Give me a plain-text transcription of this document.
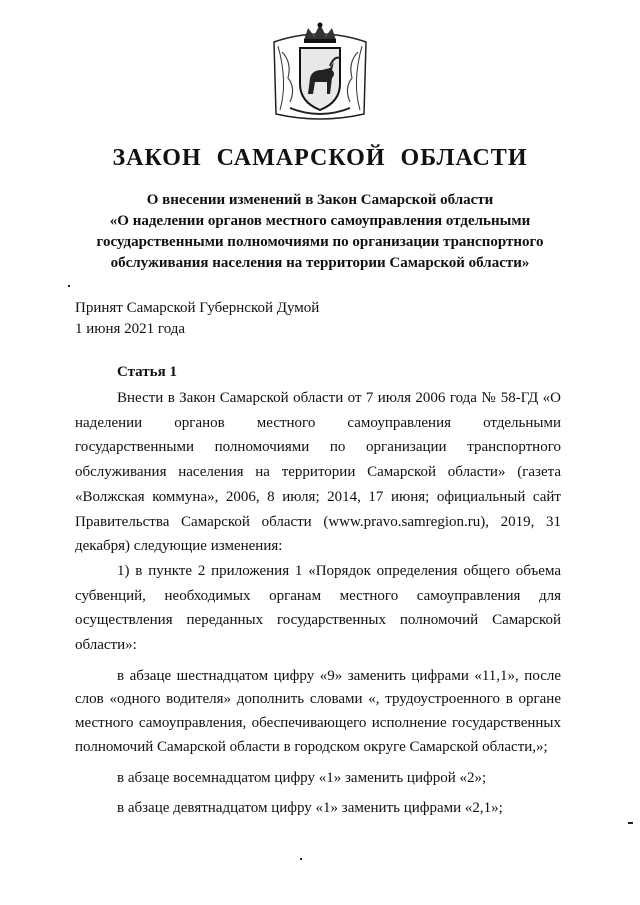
ЗАКОН САМАРСКОЙ ОБЛАСТИ
О внесении изменений в Закон Самарской области
«О наделении органов местного самоуправления отдельными
государственными полномочиями по организации транспортного
обслуживания населения на территории Самарской области»
Принят Самарской Губернской Думой
1 июня 2021 года
Статья 1

Внести в Закон Самарской области от 7 июля 2006 года № 58-ГД «О наделении органов местного самоуправления отдельными государственными полномочиями по организации транспортного обслуживания населения на территории Самарской области» (газета «Волжская коммуна», 2006, 8 июля; 2014, 17 июня; официальный сайт Правительства Самарской области (www.pravo.samregion.ru), 2019, 31 декабря) следующие изменения:

1) в пункте 2 приложения 1 «Порядок определения общего объема субвенций, необходимых органам местного самоуправления для осуществления переданных государственных полномочий Самарской области»:

в абзаце шестнадцатом цифру «9» заменить цифрами «11,1», после слов «одного водителя» дополнить словами «, трудоустроенного в органе местного самоуправления, обеспечивающего исполнение государственных полномочий Самарской области в городском округе Самарской области,»;

в абзаце восемнадцатом цифру «1» заменить цифрой «2»;

в абзаце девятнадцатом цифру «1» заменить цифрами «2,1»;
